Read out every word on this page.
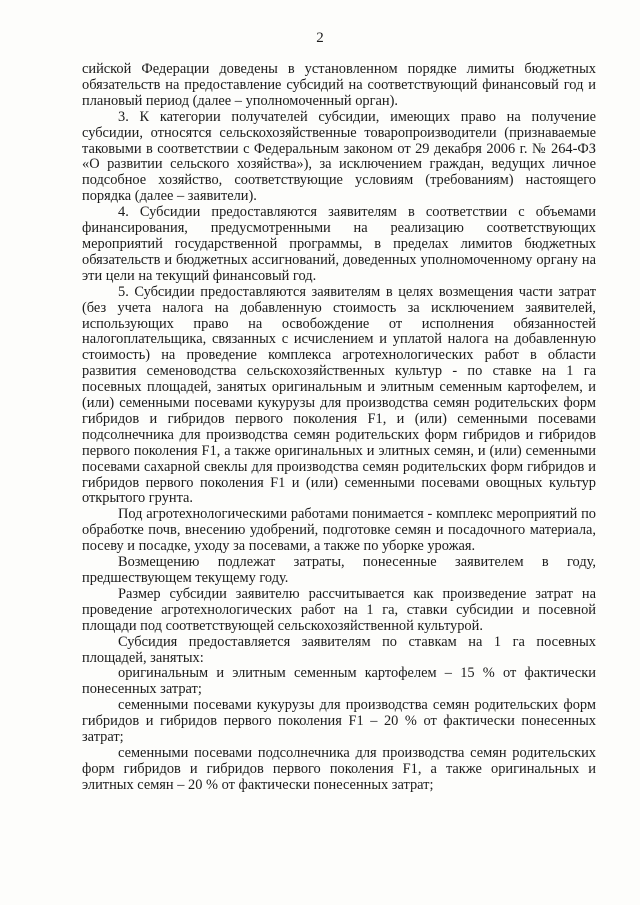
2

сийской Федерации доведены в установленном порядке лимиты бюджетных обязательств на предоставление субсидий на соответствующий финансовый год и плановый период (далее – уполномоченный орган).

3. К категории получателей субсидии, имеющих право на получение субсидии, относятся сельскохозяйственные товаропроизводители (признаваемые таковыми в соответствии с Федеральным законом от 29 декабря 2006 г. № 264-ФЗ «О развитии сельского хозяйства»), за исключением граждан, ведущих личное подсобное хозяйство, соответствующие условиям (требованиям) настоящего порядка (далее – заявители).

4. Субсидии предоставляются заявителям в соответствии с объемами финансирования, предусмотренными на реализацию соответствующих мероприятий государственной программы, в пределах лимитов бюджетных обязательств и бюджетных ассигнований, доведенных уполномоченному органу на эти цели на текущий финансовый год.

5. Субсидии предоставляются заявителям в целях возмещения части затрат (без учета налога на добавленную стоимость за исключением заявителей, использующих право на освобождение от исполнения обязанностей налогоплательщика, связанных с исчислением и уплатой налога на добавленную стоимость) на проведение комплекса агротехнологических работ в области развития семеноводства сельскохозяйственных культур - по ставке на 1 га посевных площадей, занятых оригинальным и элитным семенным картофелем, и (или) семенными посевами кукурузы для производства семян родительских форм гибридов и гибридов первого поколения F1, и (или) семенными посевами подсолнечника для производства семян родительских форм гибридов и гибридов первого поколения F1, а также оригинальных и элитных семян, и (или) семенными посевами сахарной свеклы для производства семян родительских форм гибридов и гибридов первого поколения F1 и (или) семенными посевами овощных культур открытого грунта.

Под агротехнологическими работами понимается - комплекс мероприятий по обработке почв, внесению удобрений, подготовке семян и посадочного материала, посеву и посадке, уходу за посевами, а также по уборке урожая.

Возмещению подлежат затраты, понесенные заявителем в году, предшествующем текущему году.

Размер субсидии заявителю рассчитывается как произведение затрат на проведение агротехнологических работ на 1 га, ставки субсидии и посевной площади под соответствующей сельскохозяйственной культурой.

Субсидия предоставляется заявителям по ставкам на 1 га посевных площадей, занятых:

оригинальным и элитным семенным картофелем – 15 % от фактически понесенных затрат;

семенными посевами кукурузы для производства семян родительских форм гибридов и гибридов первого поколения F1 – 20 % от фактически понесенных затрат;

семенными посевами подсолнечника для производства семян родительских форм гибридов и гибридов первого поколения F1, а также оригинальных и элитных семян – 20 % от фактически понесенных затрат;
